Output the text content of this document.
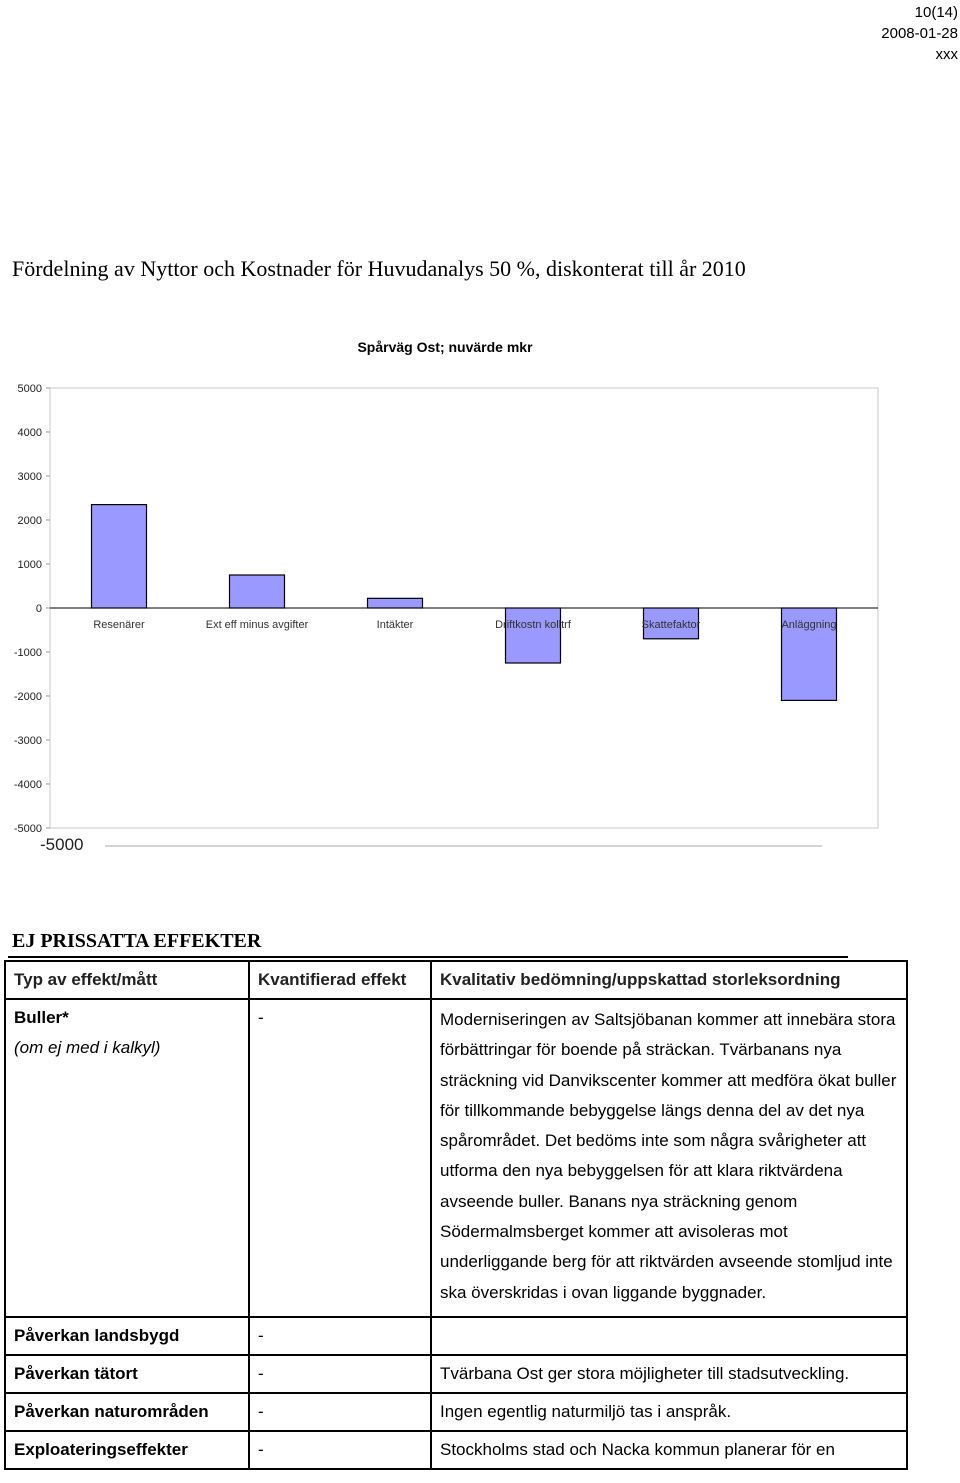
10(14)
2008-01-28
xxx
Fördelning av Nyttor och Kostnader för Huvudanalys 50 %, diskonterat till år 2010
Spårväg Ost; nuvärde mkr
5000
4000
3000
2000
1000
0
-1000
-2000
-3000
-4000
-5000
-5000
Resenärer	Ext eff minus avgifter	Intäkter	Driftkostn kolltrf	Skattefaktor	Anläggning
EJ PRISSATTA EFFEKTER
Typ av effekt/mått	Kvantifierad effekt	Kvalitativ bedömning/uppskattad storleksordning
Buller*
(om ej med i kalkyl)	-	Moderniseringen av Saltsjöbanan kommer att innebära stora förbättringar för boende på sträckan. Tvärbanans nya sträckning vid Danvikscenter kommer att medföra ökat buller för tillkommande bebyggelse längs denna del av det nya spårområdet. Det bedöms inte som några svårigheter att utforma den nya bebyggelsen för att klara riktvärdena avseende buller. Banans nya sträckning genom Södermalmsberget kommer att avisoleras mot underliggande berg för att riktvärden avseende stomljud inte ska överskridas i ovan liggande byggnader.
Påverkan landsbygd	-	
Påverkan tätort	-	Tvärbana Ost ger stora möjligheter till stadsutveckling.
Påverkan naturområden	-	Ingen egentlig naturmiljö tas i anspråk.
Exploateringseffekter	-	Stockholms stad och Nacka kommun planerar för en
